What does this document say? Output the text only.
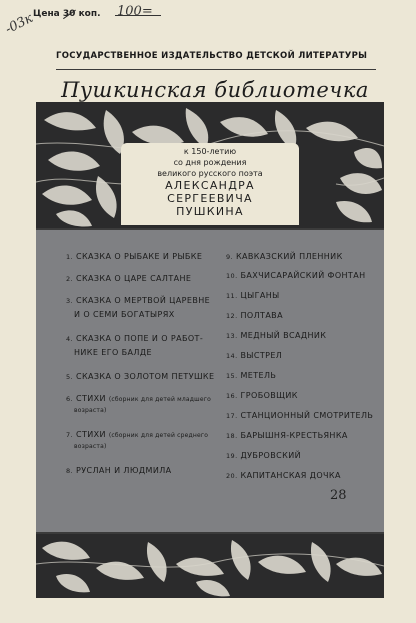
Цена 30 коп. 100=
-03к
ГОСУДАРСТВЕННОЕ ИЗДАТЕЛЬСТВО ДЕТСКОЙ ЛИТЕРАТУРЫ
Пушкинская библиотечка
к 150-летию
со дня рождения
великого русского поэта
АЛЕКСАНДРА СЕРГЕЕВИЧА
ПУШКИНА
1. СКАЗКА О РЫБАКЕ И РЫБКЕ
2. СКАЗКА О ЦАРЕ САЛТАНЕ
3. СКАЗКА О МЕРТВОЙ ЦАРЕВНЕ
И О СЕМИ БОГАТЫРЯХ
4. СКАЗКА О ПОПЕ И О РАБОТ-
НИКЕ ЕГО БАЛДЕ
5. СКАЗКА О ЗОЛОТОМ ПЕТУШКЕ
6. СТИХИ (сборник для детей младшего
возраста)
7. СТИХИ (сборник для детей среднего
возраста)
8. РУСЛАН И ЛЮДМИЛА
9. КАВКАЗСКИЙ ПЛЕННИК
10. БАХЧИСАРАЙСКИЙ ФОНТАН
11. ЦЫГАНЫ
12. ПОЛТАВА
13. МЕДНЫЙ ВСАДНИК
14. ВЫСТРЕЛ
15. МЕТЕЛЬ
16. ГРОБОВЩИК
17. СТАНЦИОННЫЙ СМОТРИТЕЛЬ
18. БАРЫШНЯ-КРЕСТЬЯНКА
19. ДУБРОВСКИЙ
20. КАПИТАНСКАЯ ДОЧКА
28
